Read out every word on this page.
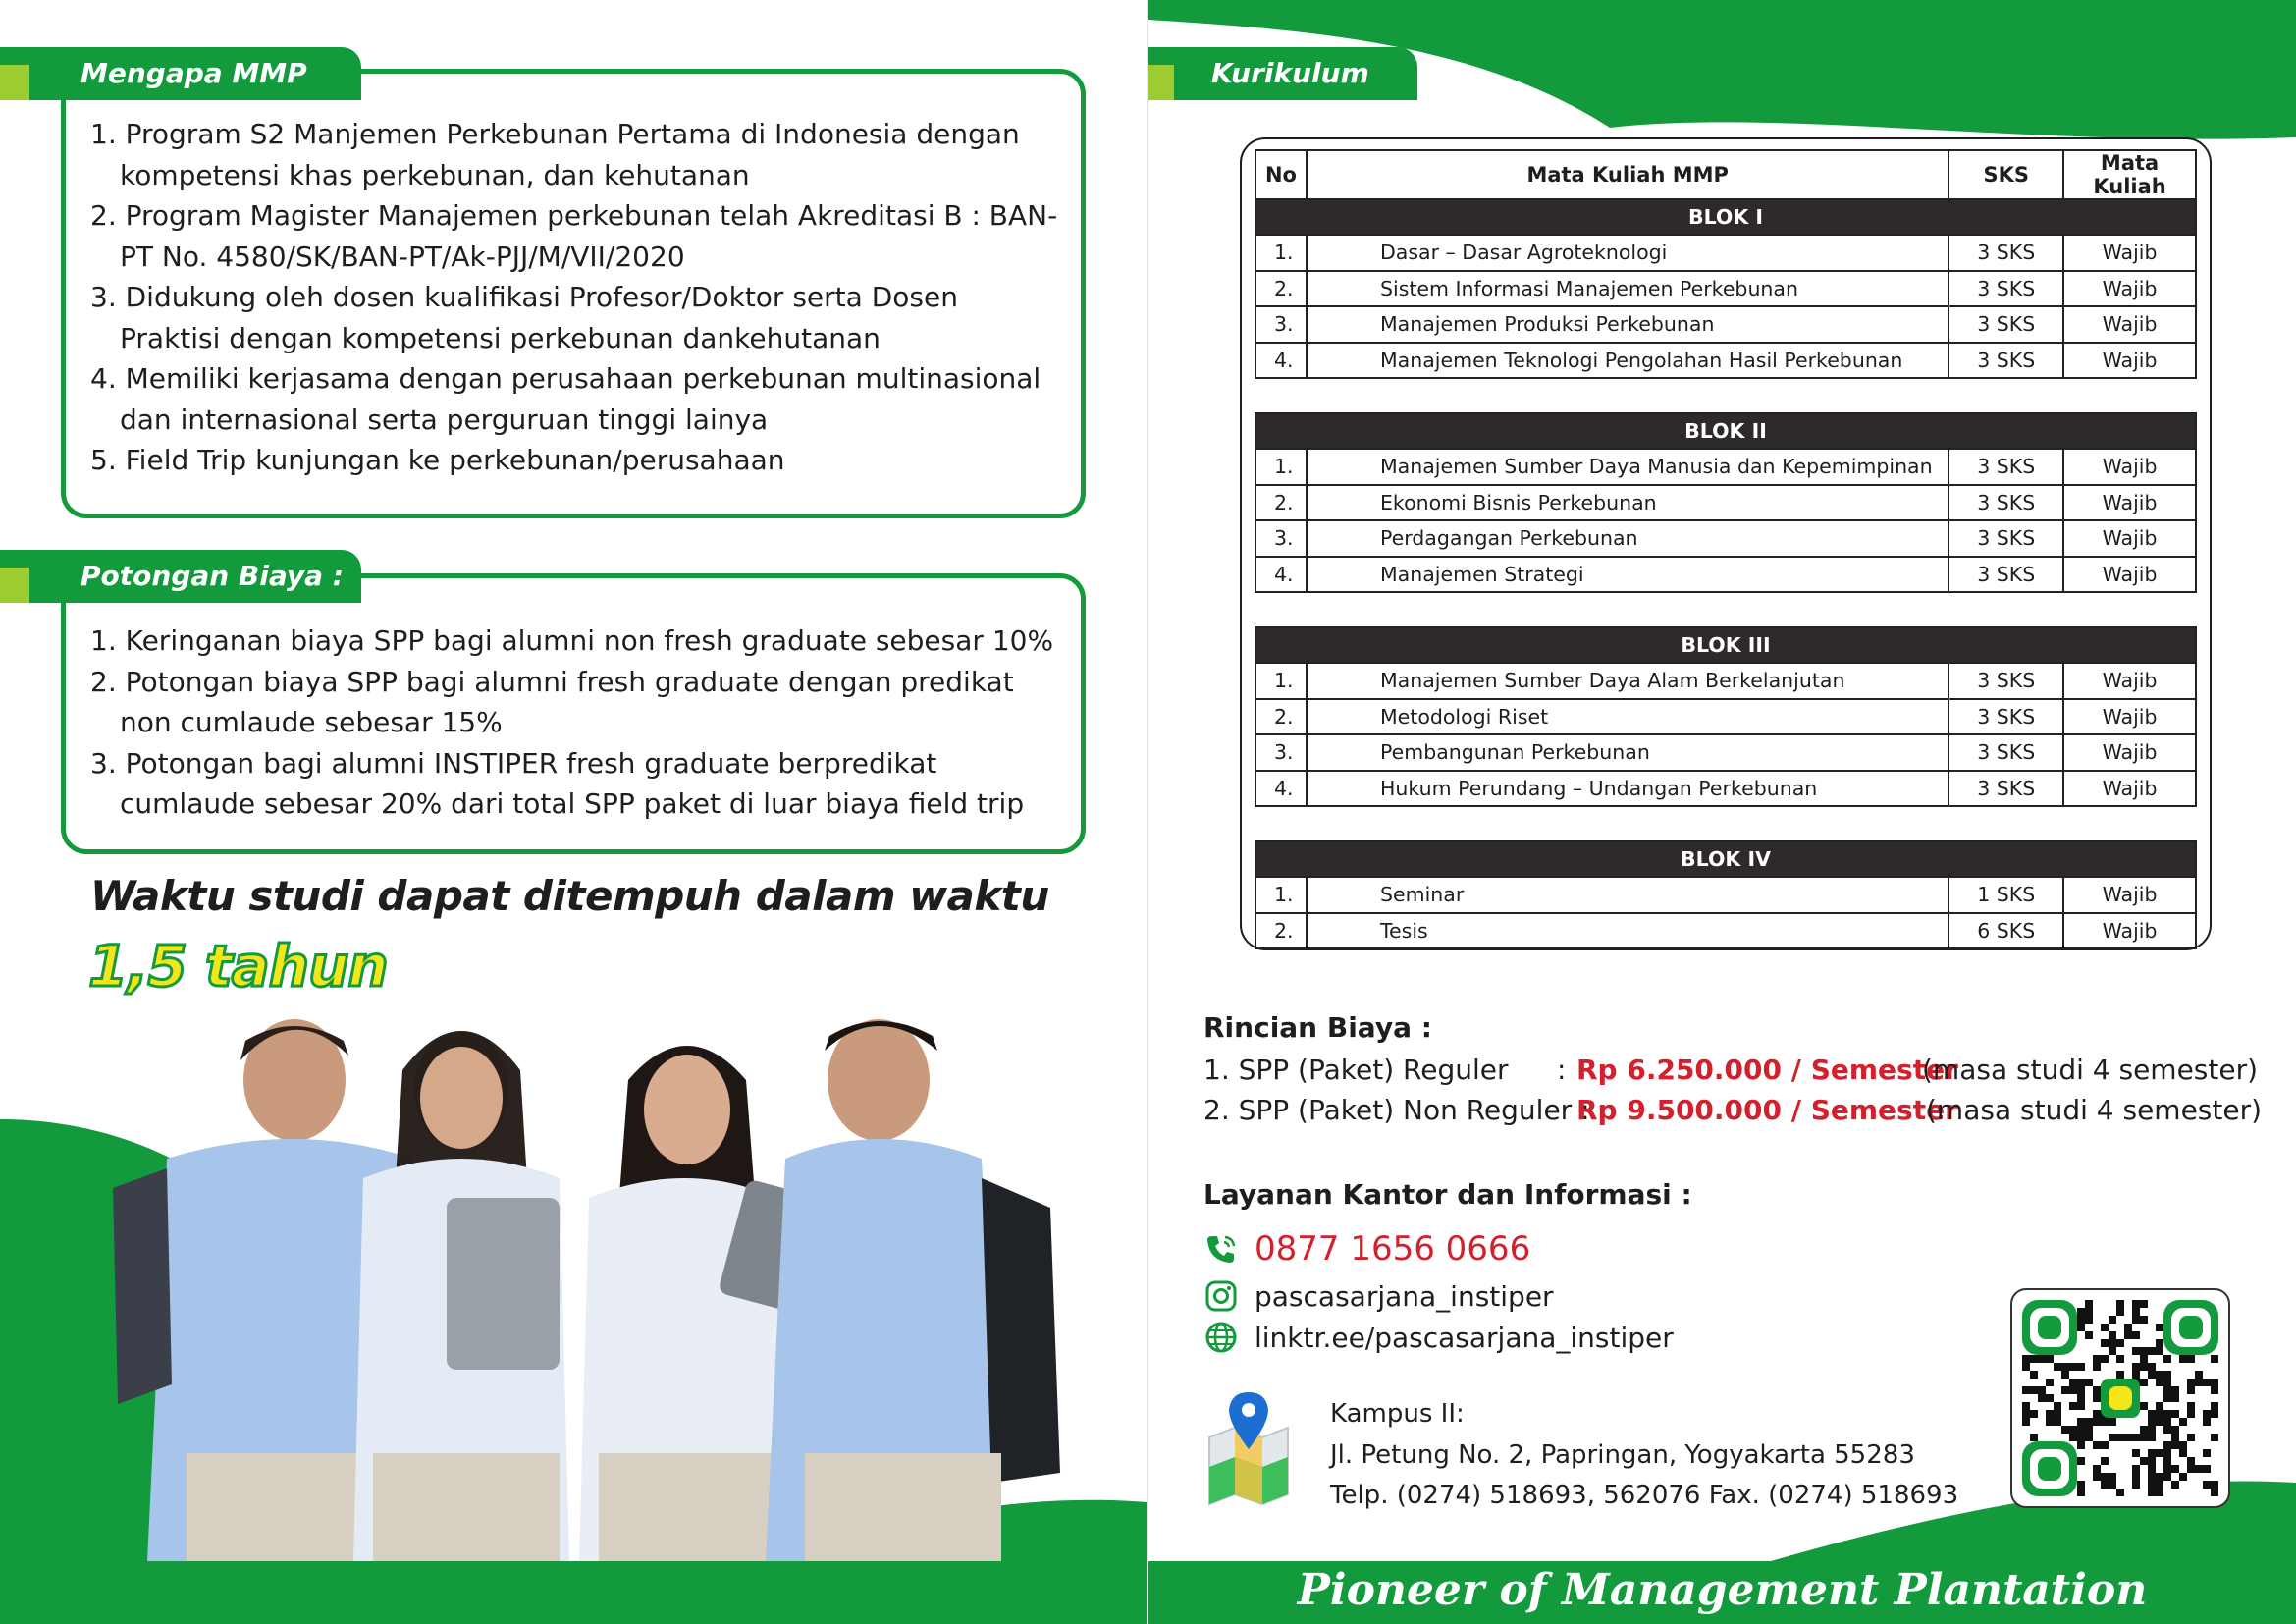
Mengapa MMP
1. Program S2 Manjemen Perkebunan Pertama di Indonesia dengan kompetensi khas perkebunan, dan kehutanan
2. Program Magister Manajemen perkebunan telah Akreditasi B : BAN-PT No. 4580/SK/BAN-PT/Ak-PJJ/M/VII/2020
3. Didukung oleh dosen kualifikasi Profesor/Doktor serta Dosen Praktisi dengan kompetensi perkebunan dankehutanan
4. Memiliki kerjasama dengan perusahaan perkebunan multinasional dan internasional serta perguruan tinggi lainya
5. Field Trip kunjungan ke perkebunan/perusahaan
Potongan Biaya :
1. Keringanan biaya SPP bagi alumni non fresh graduate sebesar 10%
2. Potongan biaya SPP bagi alumni fresh graduate dengan predikat non cumlaude sebesar 15%
3. Potongan bagi alumni INSTIPER fresh graduate berpredikat cumlaude sebesar 20% dari total SPP paket di luar biaya field trip
Waktu studi dapat ditempuh dalam waktu
1,5 tahun
Kurikulum
No	Mata Kuliah MMP	SKS	Mata Kuliah
BLOK I			
1.	Dasar – Dasar Agroteknologi	3 SKS	Wajib
2.	Sistem Informasi Manajemen Perkebunan	3 SKS	Wajib
3.	Manajemen Produksi Perkebunan	3 SKS	Wajib
4.	Manajemen Teknologi Pengolahan Hasil Perkebunan	3 SKS	Wajib

BLOK II			
1.	Manajemen Sumber Daya Manusia dan Kepemimpinan	3 SKS	Wajib
2.	Ekonomi Bisnis Perkebunan	3 SKS	Wajib
3.	Perdagangan Perkebunan	3 SKS	Wajib
4.	Manajemen Strategi	3 SKS	Wajib

BLOK III			
1.	Manajemen Sumber Daya Alam Berkelanjutan	3 SKS	Wajib
2.	Metodologi Riset	3 SKS	Wajib
3.	Pembangunan Perkebunan	3 SKS	Wajib
4.	Hukum Perundang – Undangan Perkebunan	3 SKS	Wajib

BLOK IV			
1.	Seminar	1 SKS	Wajib
2.	Tesis	6 SKS	Wajib
Rincian Biaya :
1. SPP (Paket) Reguler : Rp 6.250.000 / Semester
(masa studi 4 semester)
2. SPP (Paket) Non Reguler :
Rp 9.500.000 / Semester
(masa studi 4 semester)
Layanan Kantor dan Informasi :
0877 1656 0666
pascasarjana_instiper
linktr.ee/pascasarjana_instiper
Kampus II:
Jl. Petung No. 2, Papringan, Yogyakarta 55283
Telp. (0274) 518693, 562076 Fax. (0274) 518693
Pioneer of Management Plantation
